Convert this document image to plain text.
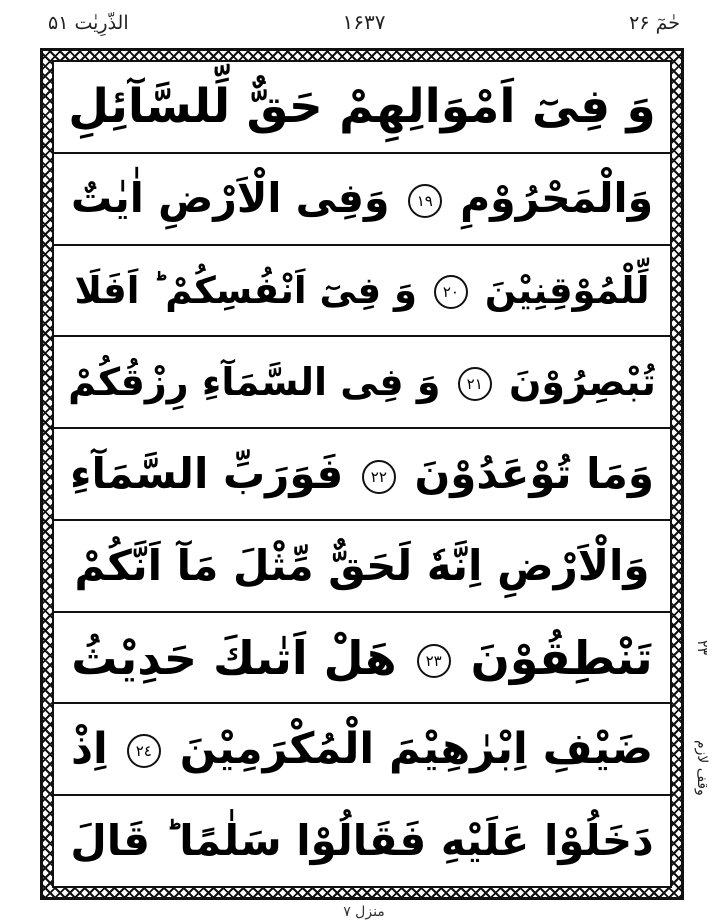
الذّرِیٰت ۵۱	۱۶۳۷	حٰمٓ ۲۶
وَ فِیٓ اَمْوَالِهِمْ حَقٌّ لِّلسَّآئِلِ
وَالْمَحْرُوْمِ ١٩ وَفِی الْاَرْضِ اٰیٰتٌ
لِّلْمُوْقِنِیْنَ ٢٠ وَ فِیٓ اَنْفُسِكُمْ ؕ اَفَلَا
تُبْصِرُوْنَ ٢١ وَ فِی السَّمَآءِ رِزْقُكُمْ
وَمَا تُوْعَدُوْنَ ٢٢ فَوَرَبِّ السَّمَآءِ
وَالْاَرْضِ اِنَّهٗ لَحَقٌّ مِّثْلَ مَآ اَنَّكُمْ
تَنْطِقُوْنَ ٢٣ هَلْ اَتٰىكَ حَدِیْثُ
ضَیْفِ اِبْرٰهِیْمَ الْمُكْرَمِیْنَ ٢٤ اِذْ
دَخَلُوْا عَلَیْهِ فَقَالُوْا سَلٰمًا ؕ قَالَ
۲۳
وقف لازم
منزل ۷
